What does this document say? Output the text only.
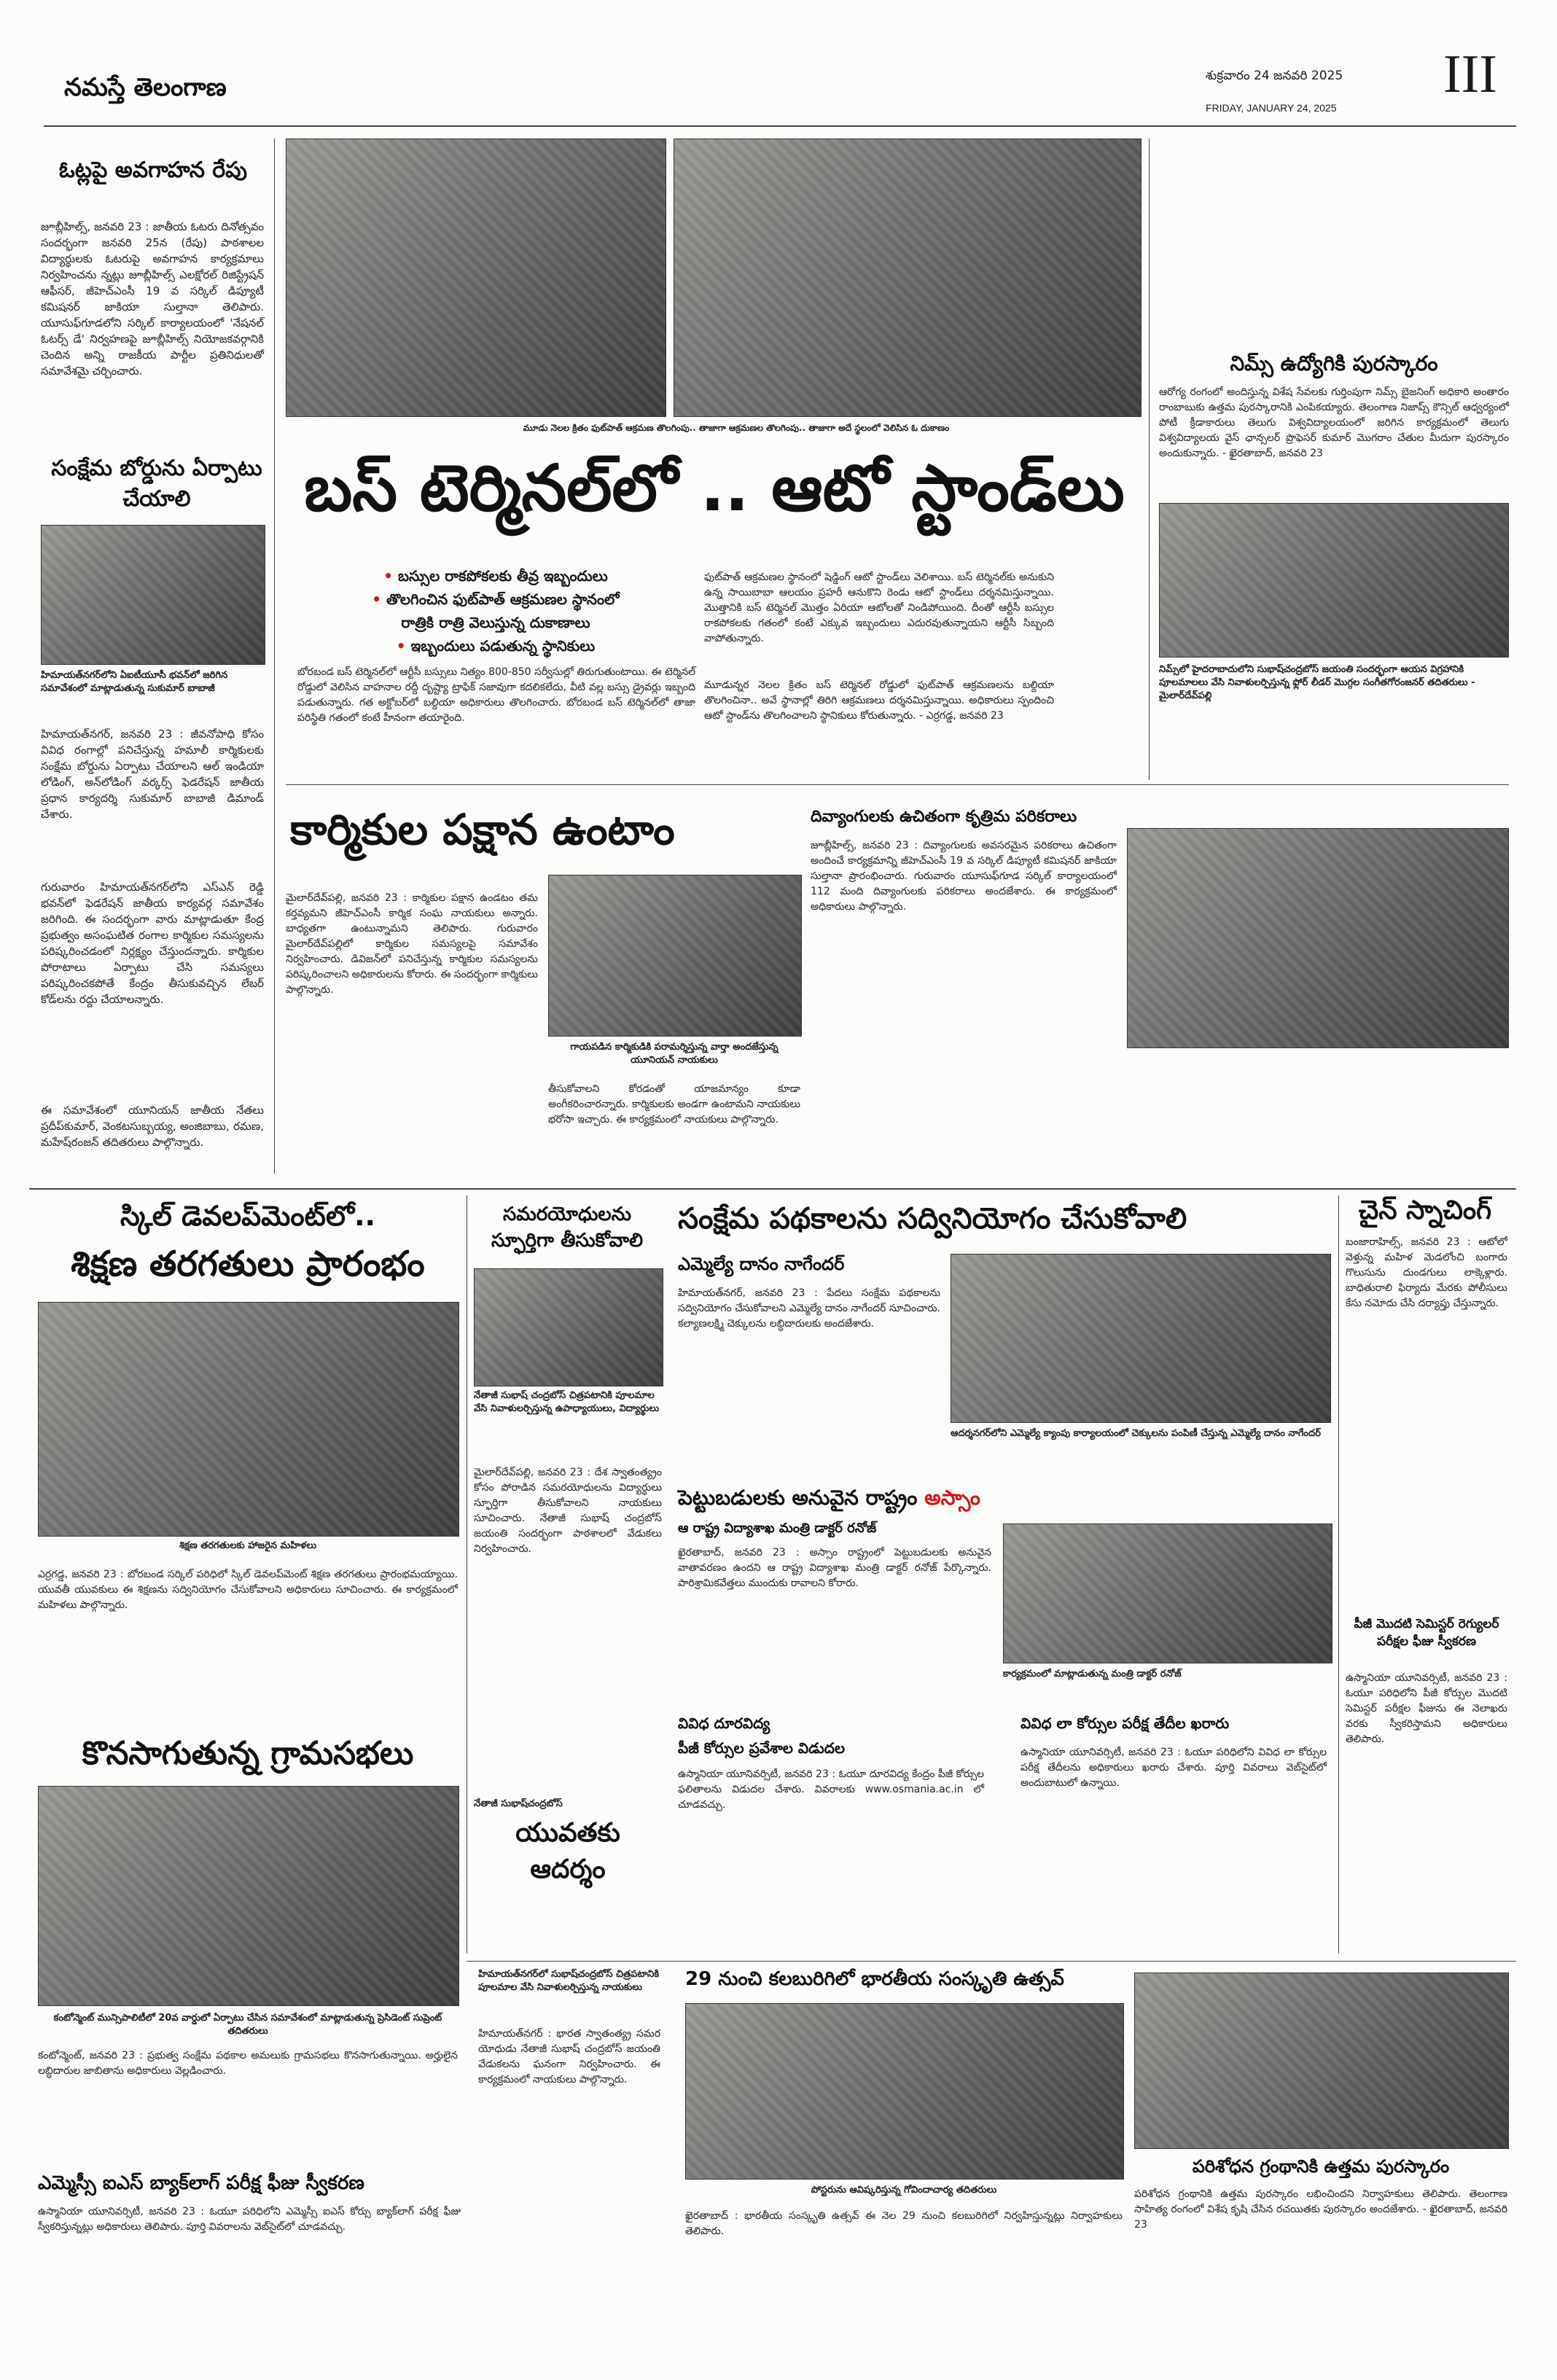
నమస్తే తెలంగాణ	శుక్రవారం 24 జనవరి 2025
FRIDAY, JANUARY 24, 2025
III
ఓట్లపై అవగాహన రేపు
జూబ్లీహిల్స్, జనవరి 23 : జాతీయ ఓటరు దినోత్సవం సందర్భంగా జనవరి 25న (రేపు) పాఠశాలల విద్యార్థులకు ఓటరుపై అవగాహన కార్యక్రమాలు నిర్వహించను న్నట్లు జూబ్లీహిల్స్ ఎలక్షోరల్ రిజిస్ట్రేషన్ ఆఫీసర్, జీహెచ్ఎంసీ 19 వ సర్కిల్ డిప్యూటీ కమిషనర్ జాకియా సుల్తానా తెలిపారు. యూసుఫ్‌గూడలోని సర్కిల్ కార్యాలయంలో 'నేషనల్ ఓటర్స్ డే' నిర్వహణపై జూబ్లీహిల్స్ నియోజకవర్గానికి చెందిన అన్ని రాజకీయ పార్టీల ప్రతినిధులతో సమావేశమై చర్చించారు.
సంక్షేమ బోర్డును ఏర్పాటు చేయాలి
హిమాయత్‌నగర్‌లోని ఏఐటీయూసీ భవన్‌లో జరిగిన సమావేశంలో మాట్లాడుతున్న సుకుమార్ బాబాజీ
హిమాయత్‌నగర్, జనవరి 23 : జీవనోపాధి కోసం వివిధ రంగాల్లో పనిచేస్తున్న హమాలీ కార్మికులకు సంక్షేమ బోర్డును ఏర్పాటు చేయాలని ఆల్ ఇండియా లోడింగ్, అన్‌లోడింగ్ వర్కర్స్ ఫెడరేషన్ జాతీయ ప్రధాన కార్యదర్శి సుకుమార్ బాబాజీ డిమాండ్ చేశారు.
గురువారం హిమాయత్‌నగర్‌లోని ఎస్ఎన్ రెడ్డి భవన్‌లో ఫెడరేషన్ జాతీయ కార్యవర్గ సమావేశం జరిగింది. ఈ సందర్భంగా వారు మాట్లాడుతూ కేంద్ర ప్రభుత్వం అసంఘటిత రంగాల కార్మికుల సమస్యలను పరిష్కరించడంలో నిర్లక్ష్యం చేస్తుందన్నారు. కార్మికుల పోరాటాలు ఏర్పాటు చేసి సమస్యలు పరిష్కరించకపోతే కేంద్రం తీసుకువచ్చిన లేబర్ కోడ్‌లను రద్దు చేయాలన్నారు.
ఈ సమావేశంలో యూనియన్ జాతీయ నేతలు ప్రదీప్‌కుమార్, వెంకటసుబ్బయ్య, అంజిబాబు, రమణ, మహేష్‌రంజన్ తదితరులు పాల్గొన్నారు.
మూడు నెలల క్రితం ఫుట్‌పాత్ ఆక్రమణ తొలగింపు.. తాజాగా ఆక్రమణల తొలగింపు.. తాజాగా అదే స్థలంలో వెలిసిన ఓ దుకాణం
బస్ టెర్మినల్‌లో .. ఆటో స్టాండ్‌లు
• బస్సుల రాకపోకలకు తీవ్ర ఇబ్బందులు
• తొలగించిన ఫుట్‌పాత్ ఆక్రమణల స్థానంలో
రాత్రికి రాత్రి వెలుస్తున్న దుకాణాలు
• ఇబ్బందులు పడుతున్న స్థానికులు
బోరబండ బస్ టెర్మినల్‌లో ఆర్టీసీ బస్సులు నిత్యం 800-850 సర్వీసుల్లో తిరుగుతుంటాయి. ఈ టెర్మినల్ రోడ్డులో వెలిసిన వాహనాల రద్దీ దృష్ట్యా ట్రాఫిక్ సజావుగా కదలికలేదు, వీటి వల్ల బస్సు డ్రైవర్లు ఇబ్బంది పడుతున్నారు. గత అక్టోబర్‌లో బల్దియా అధికారులు తొలగించారు. బోరబండ బస్ టెర్మినల్‌లో తాజా పరిస్థితి గతంలో కంటే హీనంగా తయారైంది.
ఫుట్‌పాత్ ఆక్రమణల స్థానంలో షెడ్డింగ్ ఆటో స్టాండ్‌లు వెలిశాయి. బస్ టెర్మినల్‌కు అనుకుని ఉన్న సాయిబాబా ఆలయం ప్రహరీ ఆనుకొని రెండు ఆటో స్టాండ్‌లు దర్శనమిస్తున్నాయి. మొత్తానికి బస్ టెర్మినల్ మొత్తం ఏరియా ఆటోలతో నిండిపోయింది. దీంతో ఆర్టీసీ బస్సుల రాకపోకలకు గతంలో కంటే ఎక్కువ ఇబ్బందులు ఎదురవుతున్నాయని ఆర్టీసీ సిబ్బంది వాపోతున్నారు.
మూడున్నర నెలల క్రితం బస్ టెర్మినల్ రోడ్డులో ఫుట్‌పాత్ ఆక్రమణలను బల్దియా తొలగించినా.. అవే స్థానాల్లో తిరిగి ఆక్రమణలు దర్శనమిస్తున్నాయి. అధికారులు స్పందించి ఆటో స్టాండ్‌ను తొలగించాలని స్థానికులు కోరుతున్నారు. - ఎర్రగడ్డ, జనవరి 23
నిమ్స్ ఉద్యోగికి పురస్కారం
ఆరోగ్య రంగంలో అందిస్తున్న విశేష సేవలకు గుర్తింపుగా నిమ్స్ బైజనింగ్ అధికారి అంతారం రాంబాబుకు ఉత్తమ పురస్కారానికి ఎంపికయ్యారు. తెలంగాణ నిజాప్స్ కౌన్సిల్ ఆధ్వర్యంలో పోటీ క్రీడాకారులు తెలుగు విశ్వవిద్యాలయంలో జరిగిన కార్యక్రమంలో తెలుగు విశ్వవిద్యాలయ వైస్ ఛాన్సలర్ ప్రొఫెసర్ కుమార్ మొగరాం చేతుల మీదుగా పురస్కారం అందుకున్నారు. - ఖైరతాబాద్, జనవరి 23
నిమ్స్‌లో హైదరాబాదులోని సుభాష్‌చంద్రబోస్ జయంతి సందర్భంగా ఆయన విగ్రహానికి పూలమాలలు వేసి నివాళులర్పిస్తున్న ఫ్లోర్ లీడర్ మొగ్గల సంగీతగోరంజనర్ తదితరులు - మైలార్‌దేవ్‌పల్లి
కార్మికుల పక్షాన ఉంటాం
మైలార్‌దేవ్‌పల్లి, జనవరి 23 : కార్మికుల పక్షాన ఉండటం తమ కర్తవ్యమని జీహెచ్ఎంసీ కార్మిక సంఘ నాయకులు అన్నారు. బాధ్యతగా ఉంటున్నామని తెలిపారు. గురువారం మైలార్‌దేవ్‌పల్లిలో కార్మికుల సమస్యలపై సమావేశం నిర్వహించారు. డివిజన్‌లో పనిచేస్తున్న కార్మికుల సమస్యలను పరిష్కరించాలని అధికారులను కోరారు. ఈ సందర్భంగా కార్మికులు పాల్గొన్నారు.
గాయపడిన కార్మికుడికి పరామర్శిస్తున్న వార్తా అందజేస్తున్న యూనియన్ నాయకులు
తీసుకోవాలని కోరడంతో యాజమాన్యం కూడా అంగీకరించారన్నారు. కార్మికులకు అండగా ఉంటామని నాయకులు భరోసా ఇచ్చారు. ఈ కార్యక్రమంలో నాయకులు పాల్గొన్నారు.
దివ్యాంగులకు ఉచితంగా కృత్రిమ పరికరాలు
జూబ్లీహిల్స్, జనవరి 23 : దివ్యాంగులకు అవసరమైన పరికరాలు ఉచితంగా అందించే కార్యక్రమాన్ని జీహెచ్ఎంసీ 19 వ సర్కిల్ డిప్యూటీ కమిషనర్ జాకియా సుల్తానా ప్రారంభించారు. గురువారం యూసుఫ్‌గూడ సర్కిల్ కార్యాలయంలో 112 మంది దివ్యాంగులకు పరికరాలు అందజేశారు. ఈ కార్యక్రమంలో అధికారులు పాల్గొన్నారు.
స్కిల్ డెవలప్‌మెంట్‌లో..
శిక్షణ తరగతులు ప్రారంభం
శిక్షణ తరగతులకు హాజరైన మహిళలు
ఎర్రగడ్డ, జనవరి 23 : బోరబండ సర్కిల్ పరిధిలో స్కిల్ డెవలప్‌మెంట్ శిక్షణ తరగతులు ప్రారంభమయ్యాయి. యువతీ యువకులు ఈ శిక్షణను సద్వినియోగం చేసుకోవాలని అధికారులు సూచించారు. ఈ కార్యక్రమంలో మహిళలు పాల్గొన్నారు.
కొనసాగుతున్న గ్రామసభలు
కంటోన్మెంట్ మున్సిపాలిటీలో 20వ వార్డులో ఏర్పాటు చేసిన సమావేశంలో మాట్లాడుతున్న ప్రెసిడెంట్ సుప్రెంట్ తదితరులు
కంటోన్మెంట్, జనవరి 23 : ప్రభుత్వ సంక్షేమ పథకాల అమలుకు గ్రామసభలు కొనసాగుతున్నాయి. అర్హులైన లబ్ధిదారుల జాబితాను అధికారులు వెల్లడించారు.
సమరయోధులను స్ఫూర్తిగా తీసుకోవాలి
నేతాజీ సుభాష్ చంద్రబోస్ చిత్రపటానికి పూలమాల వేసి నివాళులర్పిస్తున్న ఉపాధ్యాయులు, విద్యార్థులు
మైలార్‌దేవ్‌పల్లి, జనవరి 23 : దేశ స్వాతంత్య్రం కోసం పోరాడిన సమరయోధులను విద్యార్థులు స్ఫూర్తిగా తీసుకోవాలని నాయకులు సూచించారు. నేతాజీ సుభాష్ చంద్రబోస్ జయంతి సందర్భంగా పాఠశాలలో వేడుకలు నిర్వహించారు.
నేతాజీ సుభాష్‌చంద్రబోస్
యువతకు ఆదర్శం
సంక్షేమ పథకాలను సద్వినియోగం చేసుకోవాలి
ఎమ్మెల్యే దానం నాగేందర్
హిమాయత్‌నగర్, జనవరి 23 : పేదలు సంక్షేమ పథకాలను సద్వినియోగం చేసుకోవాలని ఎమ్మెల్యే దానం నాగేందర్ సూచించారు. కల్యాణలక్ష్మి చెక్కులను లబ్ధిదారులకు అందజేశారు.
ఆదర్శనగర్‌లోని ఎమ్మెల్యే క్యాంపు కార్యాలయంలో చెక్కులను పంపిణీ చేస్తున్న ఎమ్మెల్యే దానం నాగేందర్
పెట్టుబడులకు అనువైన రాష్ట్రం అస్సాం
ఆ రాష్ట్ర విద్యాశాఖ మంత్రి డాక్టర్ రనోజ్
ఖైరతాబాద్, జనవరి 23 : అస్సాం రాష్ట్రంలో పెట్టుబడులకు అనువైన వాతావరణం ఉందని ఆ రాష్ట్ర విద్యాశాఖ మంత్రి డాక్టర్ రనోజ్ పేర్కొన్నారు. పారిశ్రామికవేత్తలు ముందుకు రావాలని కోరారు.
కార్యక్రమంలో మాట్లాడుతున్న మంత్రి డాక్టర్ రనోజ్
వివిధ దూరవిద్య
పీజీ కోర్సుల ప్రవేశాల విడుదల
ఉస్మానియా యూనివర్సిటీ, జనవరి 23 : ఓయూ దూరవిద్య కేంద్రం పీజీ కోర్సుల ఫలితాలను విడుదల చేశారు. వివరాలకు www.osmania.ac.in లో చూడవచ్చు.
వివిధ లా కోర్సుల పరీక్ష తేదీల ఖరారు
ఉస్మానియా యూనివర్సిటీ, జనవరి 23 : ఓయూ పరిధిలోని వివిధ లా కోర్సుల పరీక్ష తేదీలను అధికారులు ఖరారు చేశారు. పూర్తి వివరాలు వెబ్‌సైట్‌లో అందుబాటులో ఉన్నాయి.
చైన్ స్నాచింగ్
బంజారాహిల్స్, జనవరి 23 : ఆటోలో వెళ్తున్న మహిళ మెడలోంచి బంగారు గొలుసును దుండగులు లాక్కెళ్లారు. బాధితురాలి ఫిర్యాదు మేరకు పోలీసులు కేసు నమోదు చేసి దర్యాప్తు చేస్తున్నారు.
పీజీ మొదటి సెమిస్టర్ రెగ్యులర్ పరీక్షల ఫీజు స్వీకరణ
ఉస్మానియా యూనివర్సిటీ, జనవరి 23 : ఓయూ పరిధిలోని పీజీ కోర్సుల మొదటి సెమిస్టర్ పరీక్షల ఫీజును ఈ నెలాఖరు వరకు స్వీకరిస్తామని అధికారులు తెలిపారు.
హిమాయత్‌నగర్‌లో సుభాష్‌చంద్రబోస్ చిత్రపటానికి పూలమాల వేసి నివాళులర్పిస్తున్న నాయకులు
హిమాయత్‌నగర్ : భారత స్వాతంత్య్ర సమర యోధుడు నేతాజీ సుభాష్ చంద్రబోస్ జయంతి వేడుకలను ఘనంగా నిర్వహించారు. ఈ కార్యక్రమంలో నాయకులు పాల్గొన్నారు.
29 నుంచి కలబురిగిలో భారతీయ సంస్కృతి ఉత్సవ్
పోస్టరును ఆవిష్కరిస్తున్న గోవిందాచార్య తదితరులు
ఖైరతాబాద్ : భారతీయ సంస్కృతి ఉత్సవ్ ఈ నెల 29 నుంచి కలబురిగిలో నిర్వహిస్తున్నట్లు నిర్వాహకులు తెలిపారు.
ఎమ్మెస్సీ ఐఎస్ బ్యాక్‌లాగ్ పరీక్ష ఫీజు స్వీకరణ
ఉస్మానియా యూనివర్సిటీ, జనవరి 23 : ఓయూ పరిధిలోని ఎమ్మెస్సీ ఐఎస్ కోర్సు బ్యాక్‌లాగ్ పరీక్ష ఫీజు స్వీకరిస్తున్నట్లు అధికారులు తెలిపారు. పూర్తి వివరాలను వెబ్‌సైట్‌లో చూడవచ్చు.
పరిశోధన గ్రంథానికి ఉత్తమ పురస్కారం
పరిశోధన గ్రంథానికి ఉత్తమ పురస్కారం లభించిందని నిర్వాహకులు తెలిపారు. తెలంగాణ సాహిత్య రంగంలో విశేష కృషి చేసిన రచయితకు పురస్కారం అందజేశారు. - ఖైరతాబాద్, జనవరి 23
